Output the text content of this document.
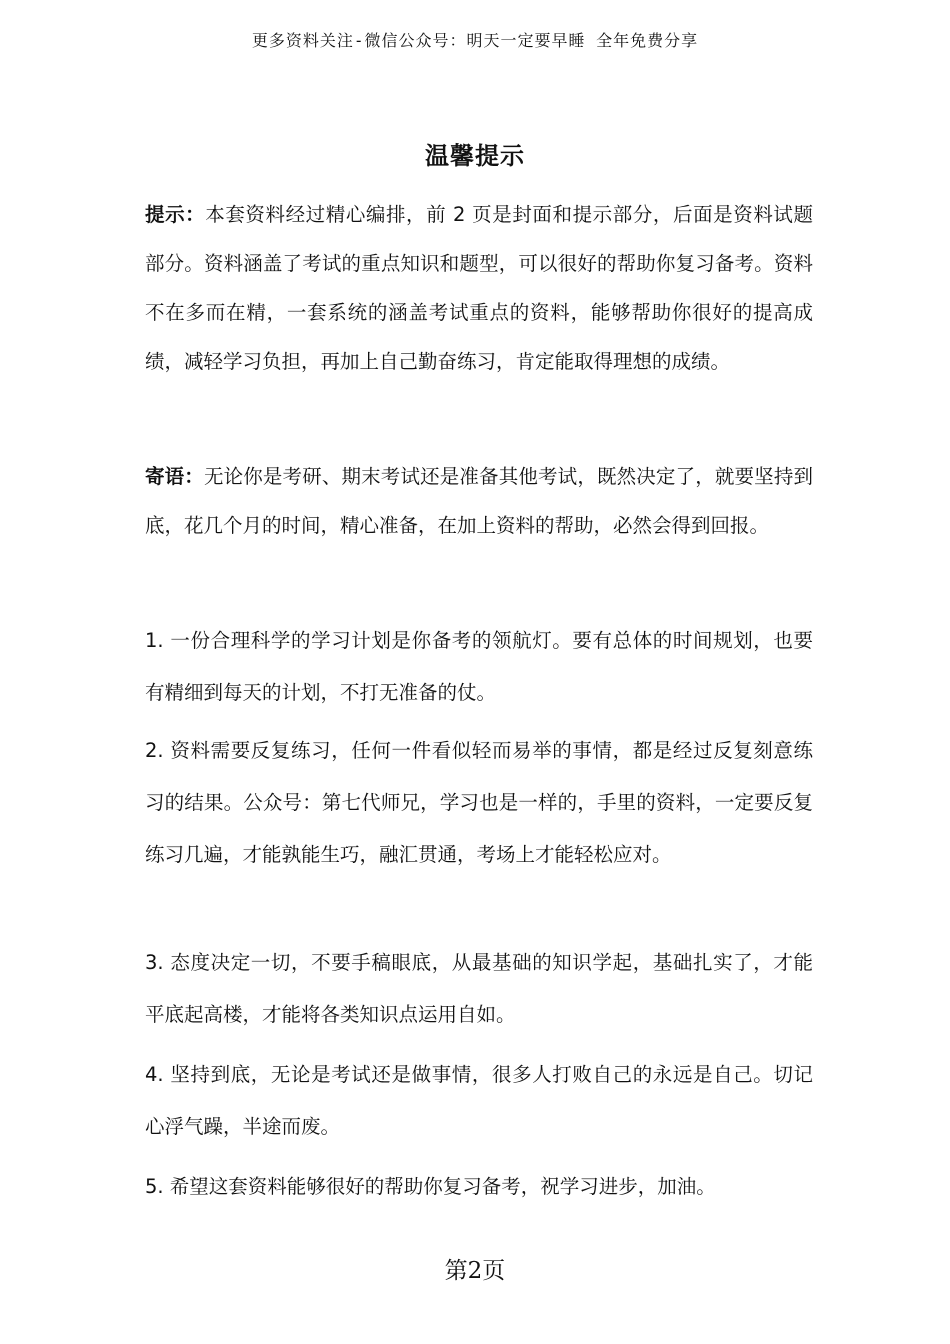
更多资料关注-微信公众号：明天一定要早睡 全年免费分享
温馨提示

提示：本套资料经过精心编排，前 2 页是封面和提示部分，后面是资料试题部分。资料涵盖了考试的重点知识和题型，可以很好的帮助你复习备考。资料不在多而在精，一套系统的涵盖考试重点的资料，能够帮助你很好的提高成绩，减轻学习负担，再加上自己勤奋练习，肯定能取得理想的成绩。

寄语：无论你是考研、期末考试还是准备其他考试，既然决定了，就要坚持到底，花几个月的时间，精心准备，在加上资料的帮助，必然会得到回报。

1. 一份合理科学的学习计划是你备考的领航灯。要有总体的时间规划，也要有精细到每天的计划，不打无准备的仗。

2. 资料需要反复练习，任何一件看似轻而易举的事情，都是经过反复刻意练习的结果。公众号：第七代师兄，学习也是一样的，手里的资料，一定要反复练习几遍，才能孰能生巧，融汇贯通，考场上才能轻松应对。

3. 态度决定一切，不要手稿眼底，从最基础的知识学起，基础扎实了，才能平底起高楼，才能将各类知识点运用自如。

4. 坚持到底，无论是考试还是做事情，很多人打败自己的永远是自己。切记心浮气躁，半途而废。

5. 希望这套资料能够很好的帮助你复习备考，祝学习进步，加油。

第2页
